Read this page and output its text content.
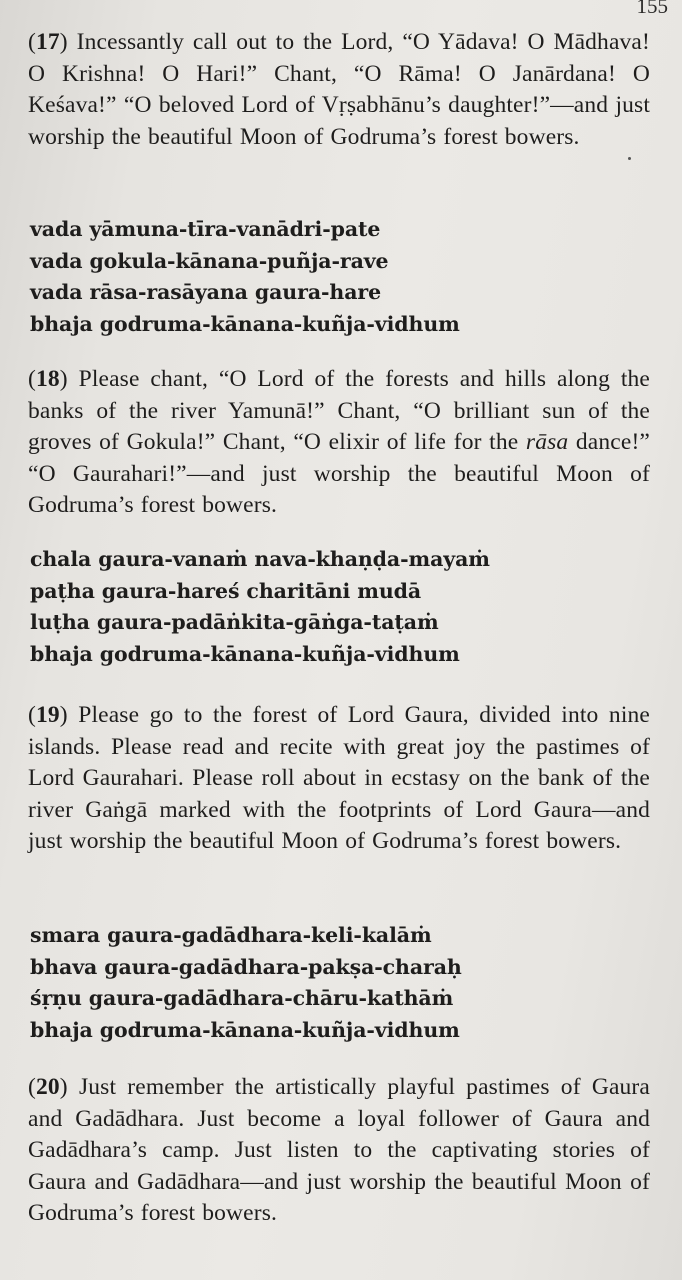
155

(17) Incessantly call out to the Lord, “O Yādava! O Mādhava! O Krishna! O Hari!” Chant, “O Rāma! O Janārdana! O Keśava!” “O beloved Lord of Vṛṣabhānu’s daughter!”—and just worship the beautiful Moon of Godruma’s forest bowers.

vada yāmuna-tīra-vanādri-pate
vada gokula-kānana-puñja-rave
vada rāsa-rasāyana gaura-hare
bhaja godruma-kānana-kuñja-vidhum

(18) Please chant, “O Lord of the forests and hills along the banks of the river Yamunā!” Chant, “O brilliant sun of the groves of Gokula!” Chant, “O elixir of life for the rāsa dance!” “O Gaurahari!”—and just worship the beautiful Moon of Godruma’s forest bowers.

chala gaura-vanaṁ nava-khaṇḍa-mayaṁ
paṭha gaura-hareś charitāni mudā
luṭha gaura-padāṅkita-gāṅga-taṭaṁ
bhaja godruma-kānana-kuñja-vidhum

(19) Please go to the forest of Lord Gaura, divided into nine islands. Please read and recite with great joy the pastimes of Lord Gaurahari. Please roll about in ecstasy on the bank of the river Gaṅgā marked with the footprints of Lord Gaura—and just worship the beautiful Moon of Godruma’s forest bowers.

smara gaura-gadādhara-keli-kalāṁ
bhava gaura-gadādhara-pakṣa-charaḥ
śṛṇu gaura-gadādhara-chāru-kathāṁ
bhaja godruma-kānana-kuñja-vidhum

(20) Just remember the artistically playful pastimes of Gaura and Gadādhara. Just become a loyal follower of Gaura and Gadādhara’s camp. Just listen to the captivating stories of Gaura and Gadādhara—and just worship the beautiful Moon of Godruma’s forest bowers.
